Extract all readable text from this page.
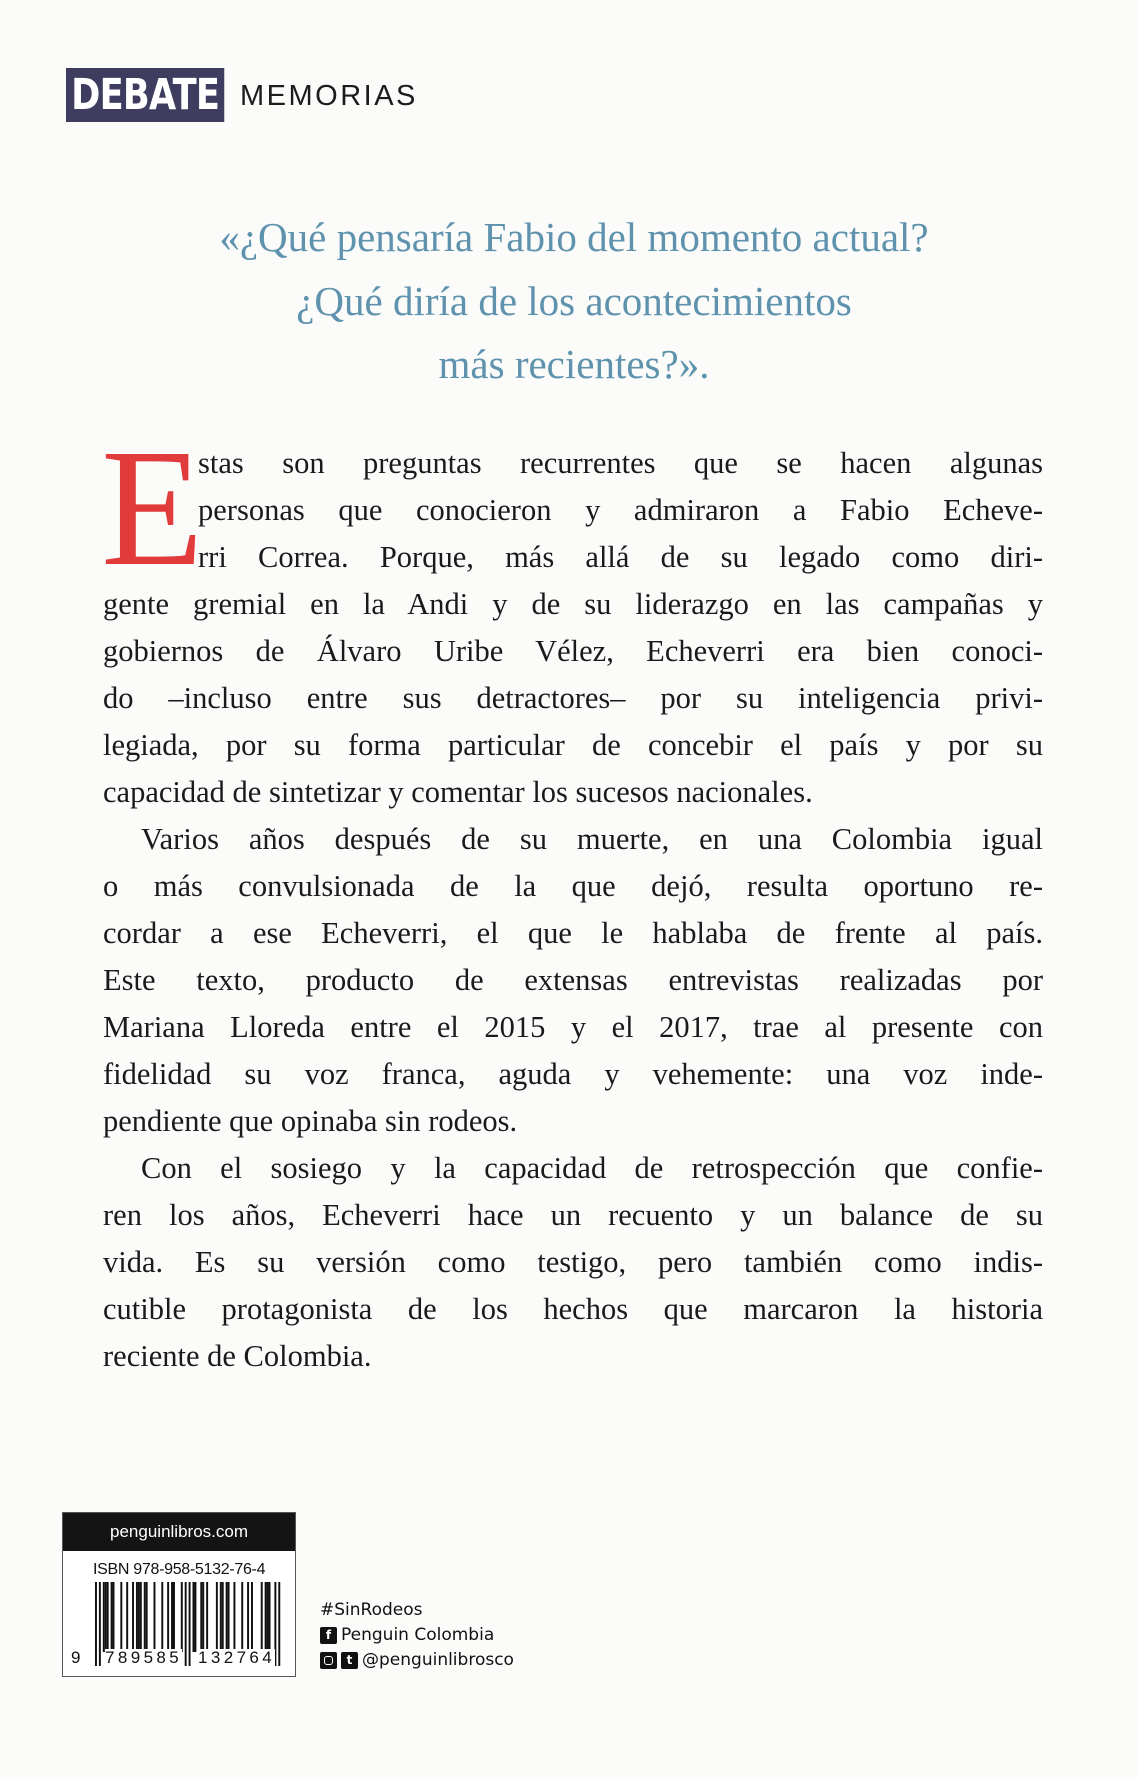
DEBATE MEMORIAS
«¿Qué pensaría Fabio del momento actual?
¿Qué diría de los acontecimientos
más recientes?».
E
stas son preguntas recurrentes que se hacen algunas
personas que conocieron y admiraron a Fabio Echeve-
rri Correa. Porque, más allá de su legado como diri-
gente gremial en la Andi y de su liderazgo en las campañas y
gobiernos de Álvaro Uribe Vélez, Echeverri era bien conoci-
do –incluso entre sus detractores– por su inteligencia privi-
legiada, por su forma particular de concebir el país y por su
capacidad de sintetizar y comentar los sucesos nacionales.
Varios años después de su muerte, en una Colombia igual
o más convulsionada de la que dejó, resulta oportuno re-
cordar a ese Echeverri, el que le hablaba de frente al país.
Este texto, producto de extensas entrevistas realizadas por
Mariana Lloreda entre el 2015 y el 2017, trae al presente con
fidelidad su voz franca, aguda y vehemente: una voz inde-
pendiente que opinaba sin rodeos.
Con el sosiego y la capacidad de retrospección que confie-
ren los años, Echeverri hace un recuento y un balance de su
vida. Es su versión como testigo, pero también como indis-
cutible protagonista de los hechos que marcaron la historia
reciente de Colombia.
penguinlibros.com
ISBN 978-958-5132-76-4
9 789585 132764
#SinRodeos
f Penguin Colombia
t @penguinlibrosco
